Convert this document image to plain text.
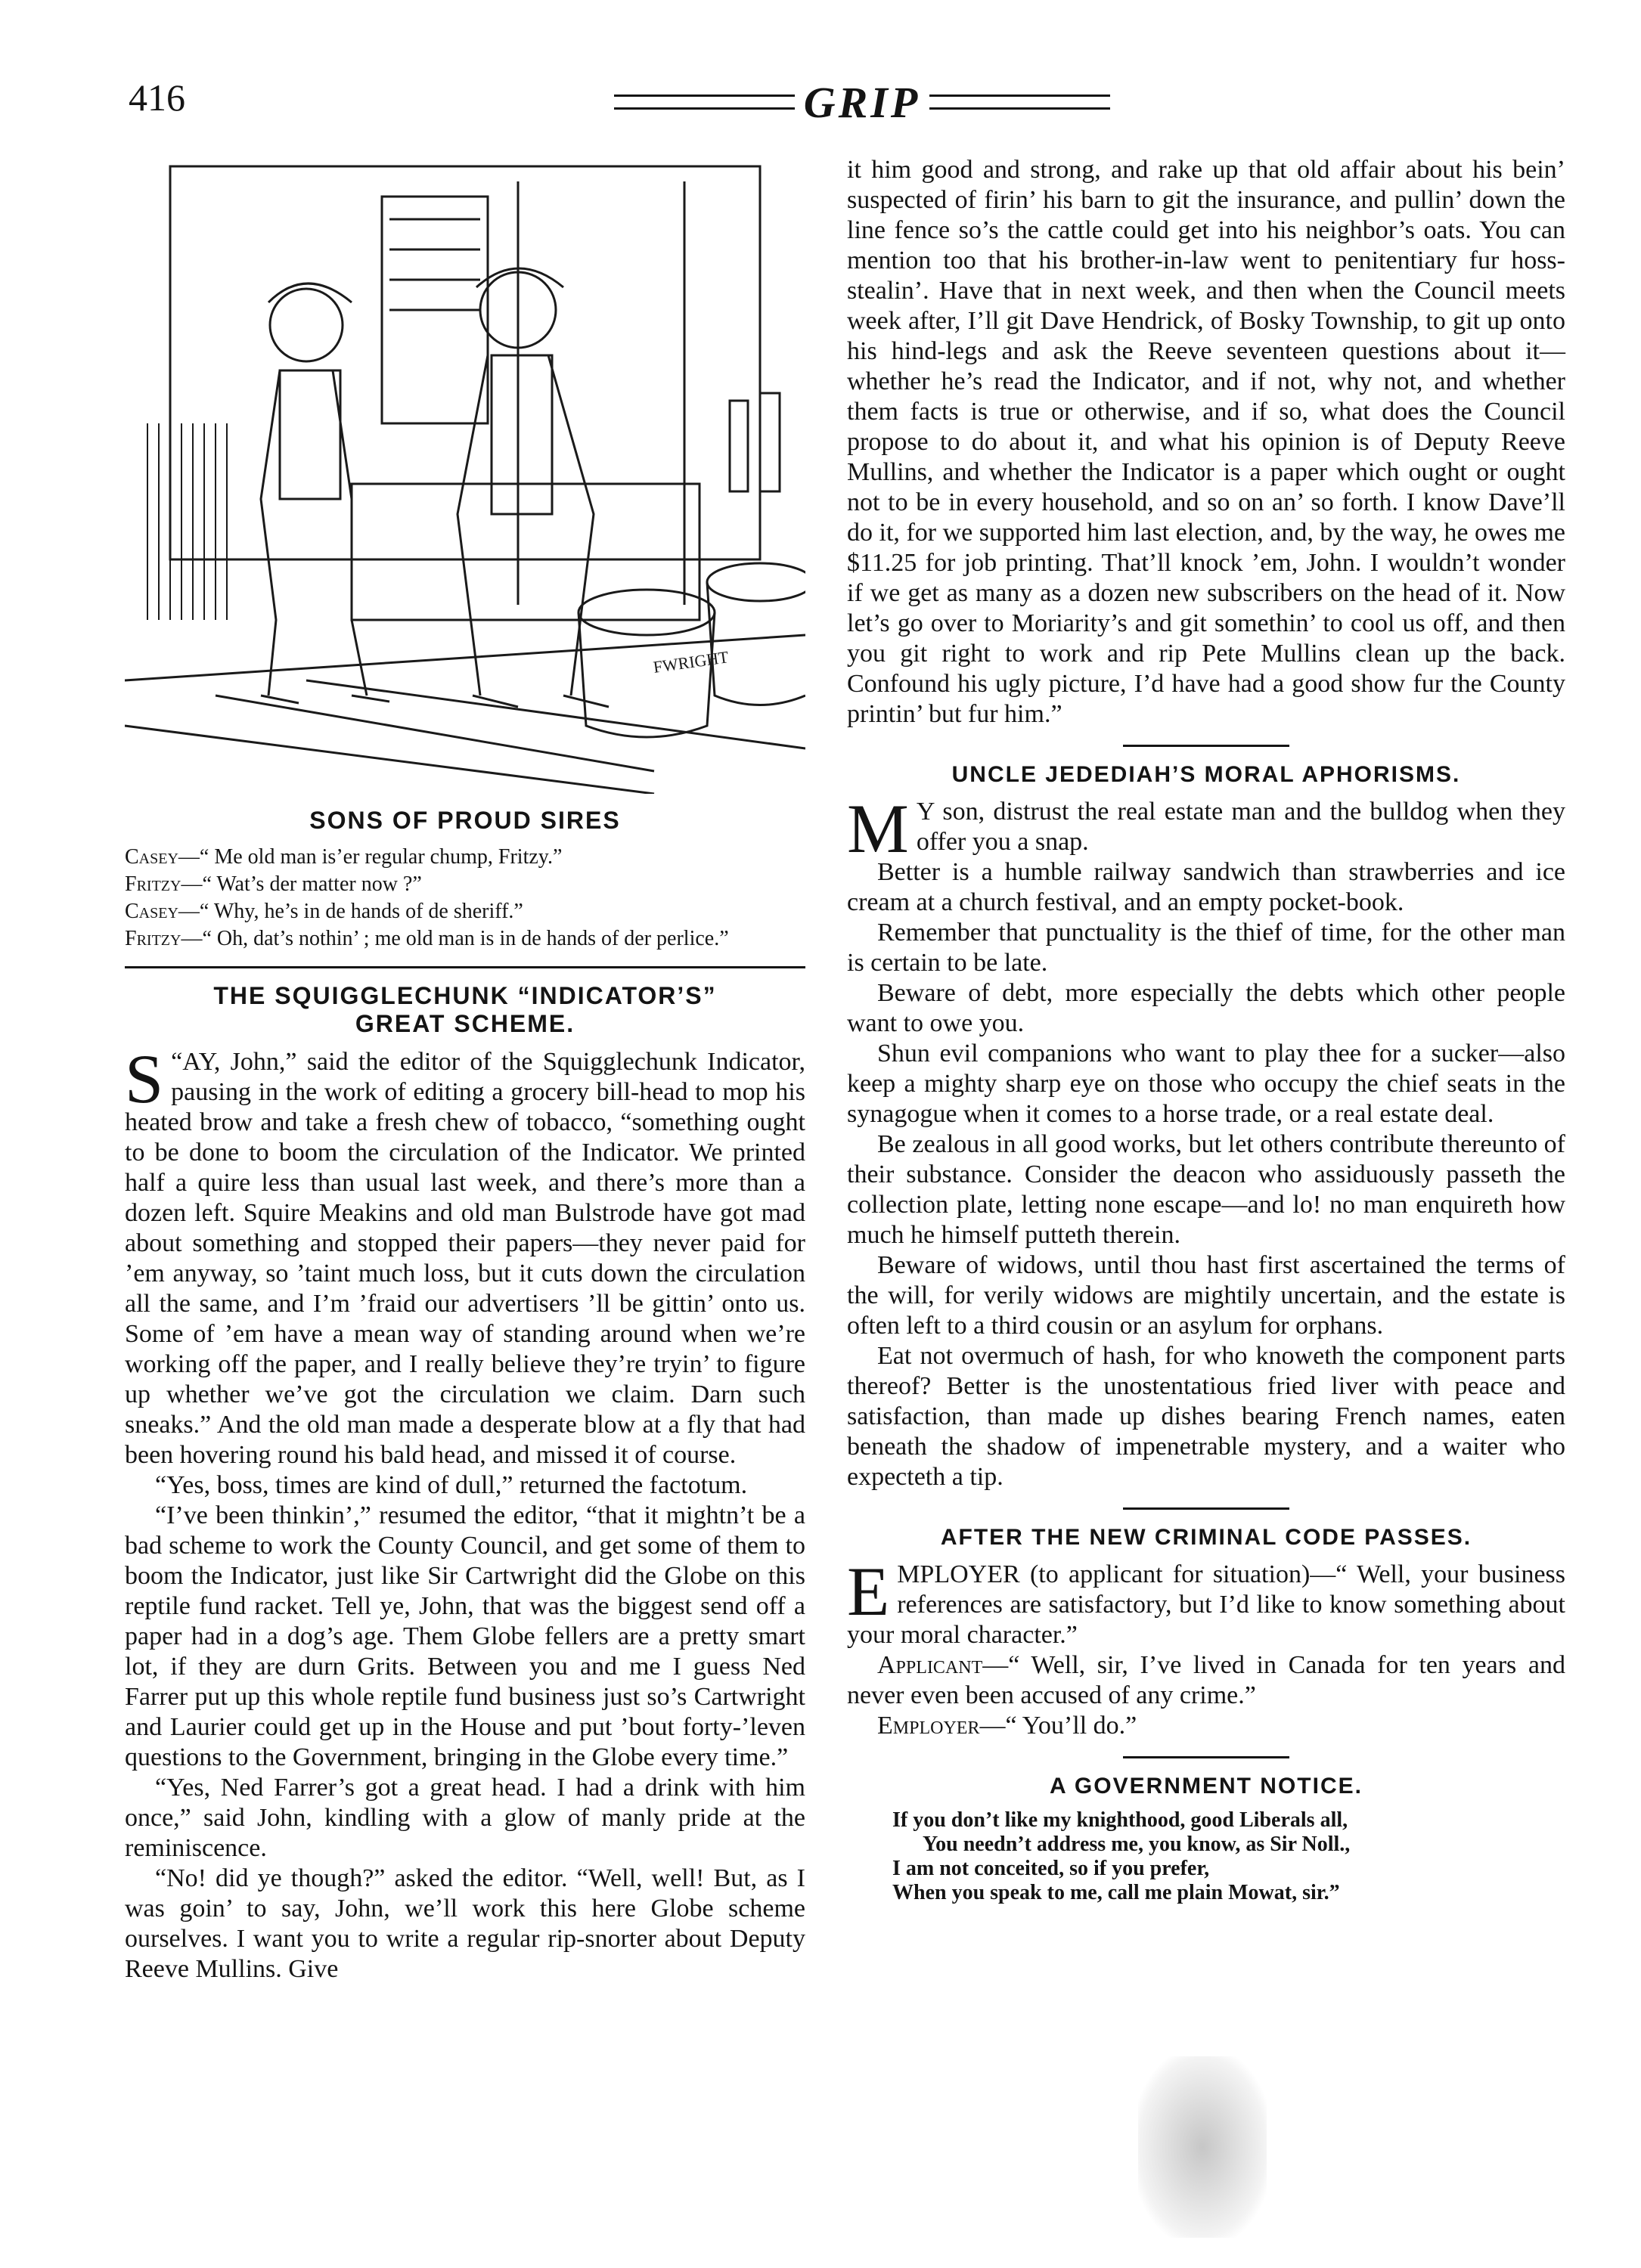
416	GRIP
FWRIGHT
SONS OF PROUD SIRES

Casey—“ Me old man is’er regular chump, Fritzy.”

Fritzy—“ Wat’s der matter now ?”

Casey—“ Why, he’s in de hands of de sheriff.”

Fritzy—“ Oh, dat’s nothin’ ; me old man is in de hands of der perlice.”

THE SQUIGGLECHUNK “INDICATOR’S”
GREAT SCHEME.

“
S AY, John,” said the editor of the Squigglechunk Indicator, pausing in the work of editing a grocery bill-head to mop his heated brow and take a fresh chew of tobacco, “something ought to be done to boom the circulation of the Indicator. We printed half a quire less than usual last week, and there’s more than a dozen left. Squire Meakins and old man Bulstrode have got mad about something and stopped their papers—they never paid for ’em anyway, so ’taint much loss, but it cuts down the circulation all the same, and I’m ’fraid our advertisers ’ll be gittin’ onto us. Some of ’em have a mean way of standing around when we’re working off the paper, and I really believe they’re tryin’ to figure up whether we’ve got the circulation we claim. Darn such sneaks.” And the old man made a desperate blow at a fly that had been hovering round his bald head, and missed it of course.

“Yes, boss, times are kind of dull,” returned the factotum.

“I’ve been thinkin’,” resumed the editor, “that it mightn’t be a bad scheme to work the County Council, and get some of them to boom the Indicator, just like Sir Cartwright did the Globe on this reptile fund racket. Tell ye, John, that was the biggest send off a paper had in a dog’s age. Them Globe fellers are a pretty smart lot, if they are durn Grits. Between you and me I guess Ned Farrer put up this whole reptile fund business just so’s Cartwright and Laurier could get up in the House and put ’bout forty-’leven questions to the Government, bringing in the Globe every time.”

“Yes, Ned Farrer’s got a great head. I had a drink with him once,” said John, kindling with a glow of manly pride at the reminiscence.

“No! did ye though?” asked the editor. “Well, well! But, as I was goin’ to say, John, we’ll work this here Globe scheme ourselves. I want you to write a regular rip-snorter about Deputy Reeve Mullins. Give

it him good and strong, and rake up that old affair about his bein’ suspected of firin’ his barn to git the insurance, and pullin’ down the line fence so’s the cattle could get into his neighbor’s oats. You can mention too that his brother-in-law went to penitentiary fur hoss-stealin’. Have that in next week, and then when the Council meets week after, I’ll git Dave Hendrick, of Bosky Township, to git up onto his hind-legs and ask the Reeve seventeen questions about it—whether he’s read the Indicator, and if not, why not, and whether them facts is true or otherwise, and if so, what does the Council propose to do about it, and what his opinion is of Deputy Reeve Mullins, and whether the Indicator is a paper which ought or ought not to be in every household, and so on an’ so forth. I know Dave’ll do it, for we supported him last election, and, by the way, he owes me $11.25 for job printing. That’ll knock ’em, John. I wouldn’t wonder if we get as many as a dozen new subscribers on the head of it. Now let’s go over to Moriarity’s and git somethin’ to cool us off, and then you git right to work and rip Pete Mullins clean up the back. Confound his ugly picture, I’d have had a good show fur the County printin’ but fur him.”

UNCLE JEDEDIAH’S MORAL APHORISMS.

M Y son, distrust the real estate man and the bulldog when they offer you a snap.

Better is a humble railway sandwich than strawberries and ice cream at a church festival, and an empty pocket-book.

Remember that punctuality is the thief of time, for the other man is certain to be late.

Beware of debt, more especially the debts which other people want to owe you.

Shun evil companions who want to play thee for a sucker—also keep a mighty sharp eye on those who occupy the chief seats in the synagogue when it comes to a horse trade, or a real estate deal.

Be zealous in all good works, but let others contribute thereunto of their substance. Consider the deacon who assiduously passeth the collection plate, letting none escape—and lo! no man enquireth how much he himself putteth therein.

Beware of widows, until thou hast first ascertained the terms of the will, for verily widows are mightily uncertain, and the estate is often left to a third cousin or an asylum for orphans.

Eat not overmuch of hash, for who knoweth the component parts thereof? Better is the unostentatious fried liver with peace and satisfaction, than made up dishes bearing French names, eaten beneath the shadow of impenetrable mystery, and a waiter who expecteth a tip.

AFTER THE NEW CRIMINAL CODE PASSES.

EMPLOYER (to applicant for situation)—“ Well, your business references are satisfactory, but I’d like to know something about your moral character.”

Applicant—“ Well, sir, I’ve lived in Canada for ten years and never even been accused of any crime.”

Employer—“ You’ll do.”

A GOVERNMENT NOTICE.

If you don’t like my knighthood, good Liberals all,

You needn’t address me, you know, as Sir Noll.,

I am not conceited, so if you prefer,

When you speak to me, call me plain Mowat, sir.”
